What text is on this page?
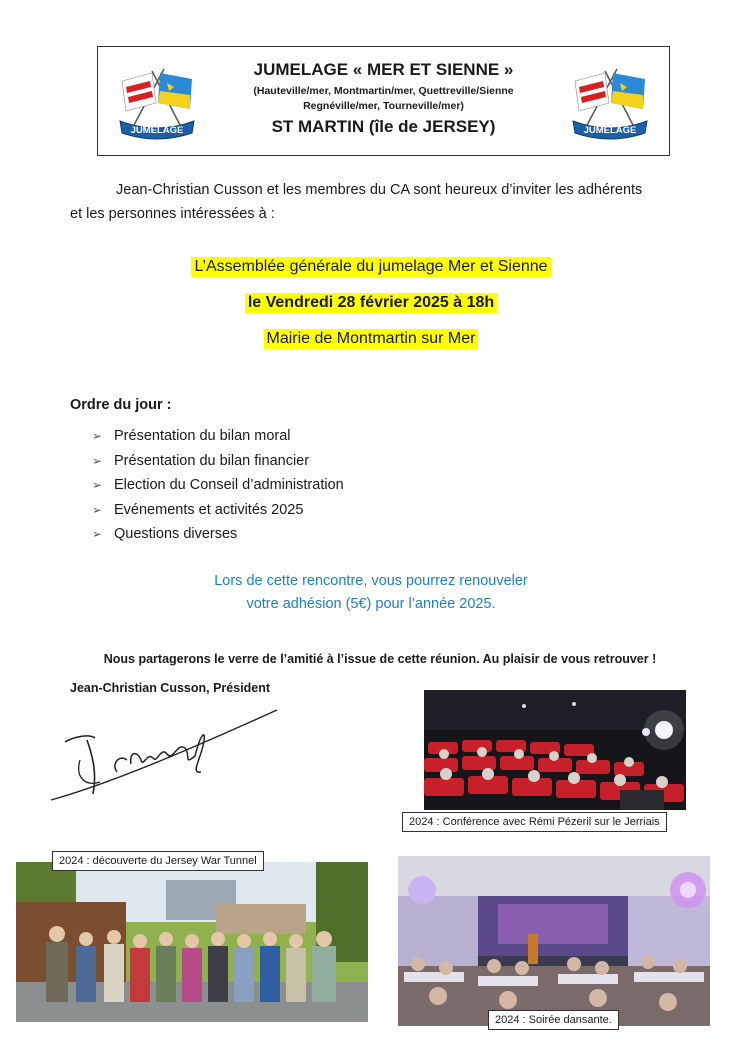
JUMELAGE	JUMELAGE
JUMELAGE « MER ET SIENNE »
(Hauteville/mer, Montmartin/mer, Quettreville/Sienne
Regnéville/mer, Tourneville/mer)
ST MARTIN (île de JERSEY)
Jean-Christian Cusson et les membres du CA sont heureux d’inviter les adhérents
et les personnes intéressées à :
L’Assemblée générale du jumelage Mer et Sienne
le Vendredi 28 février 2025 à 18h
Mairie de Montmartin sur Mer
Ordre du jour :
➢ Présentation du bilan moral
➢ Présentation du bilan financier
➢ Election du Conseil d’administration
➢ Evénements et activités 2025
➢ Questions diverses
Lors de cette rencontre, vous pourrez renouveler
votre adhésion (5€) pour l’année 2025.
Nous partagerons le verre de l’amitié à l’issue de cette réunion. Au plaisir de vous retrouver !
Jean-Christian Cusson, Président
2024 : Conférence avec Rémi Pézeril sur le Jerriais
2024 : découverte du Jersey War Tunnel
2024 : Soirée dansante.
